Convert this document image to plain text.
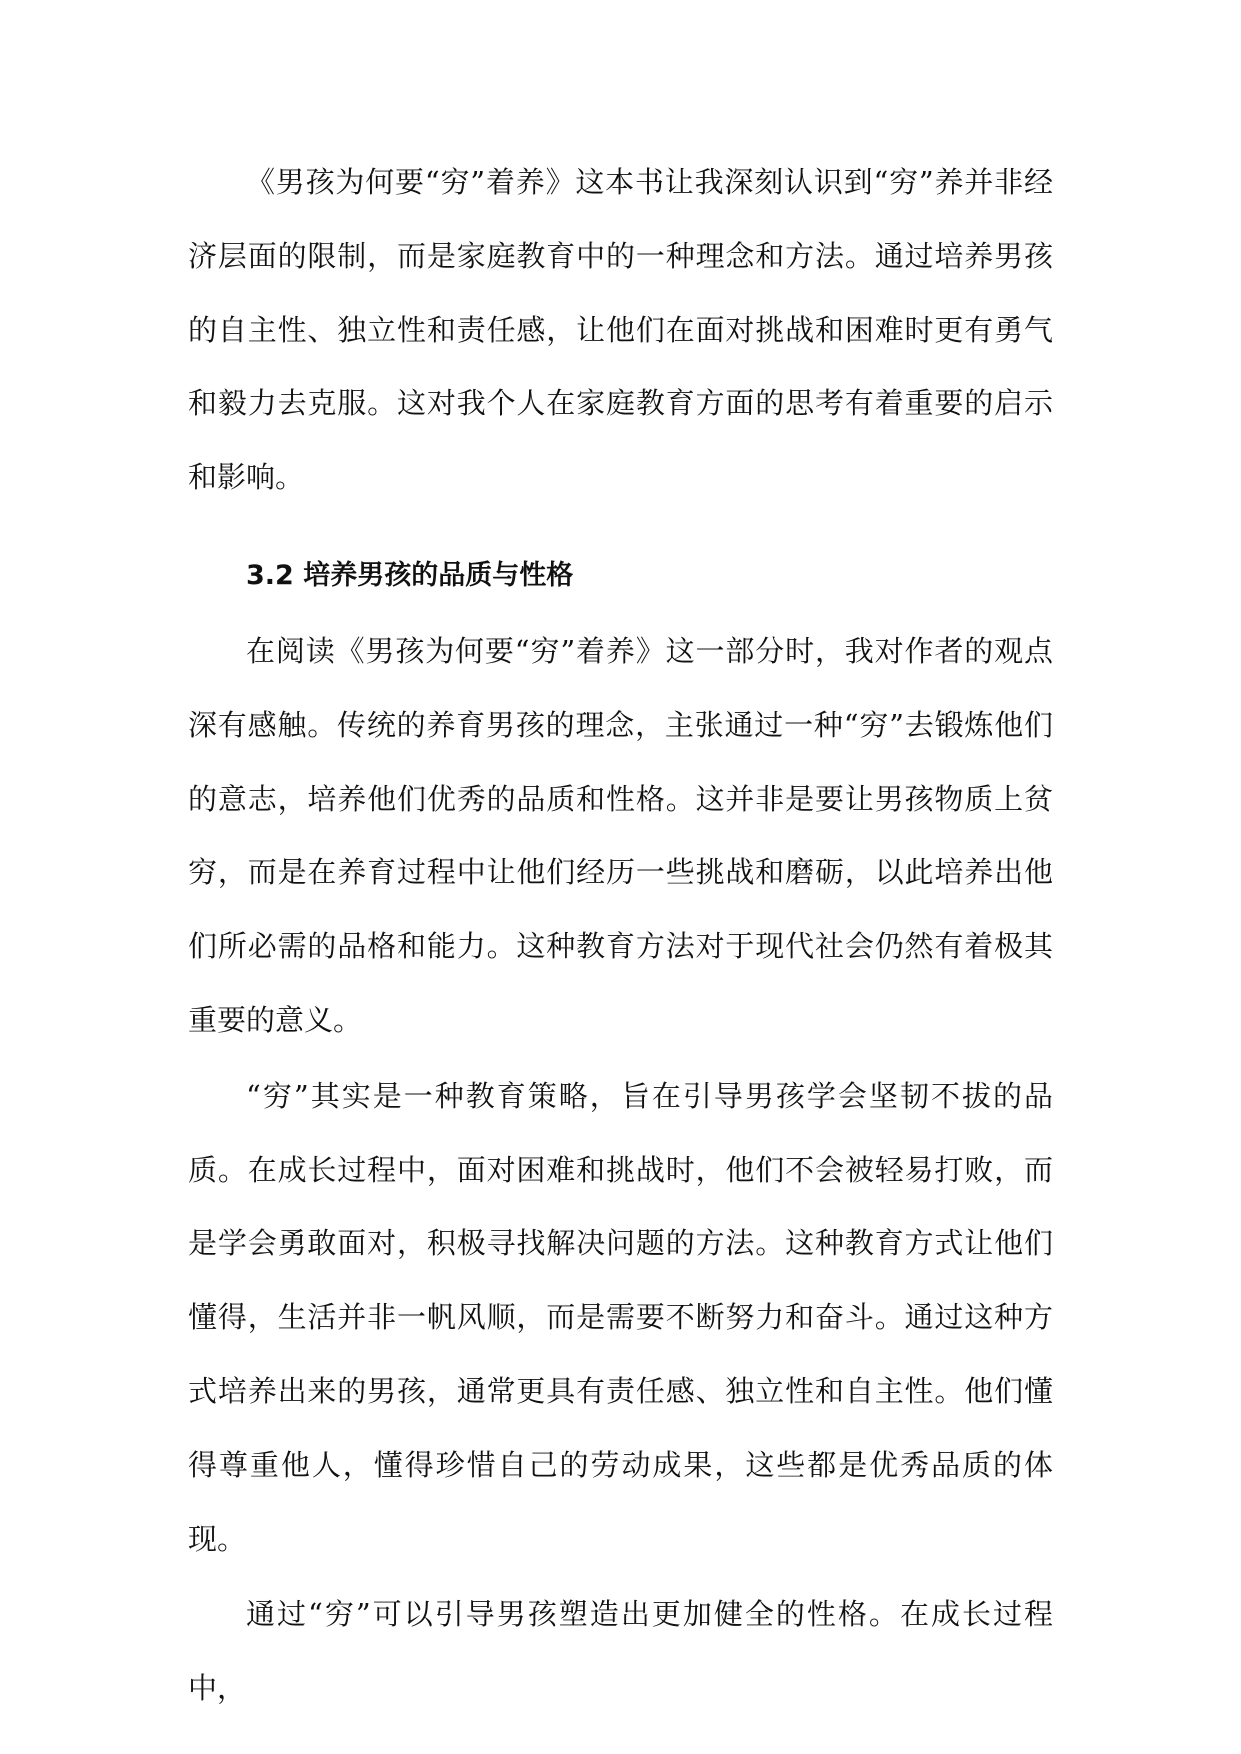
《男孩为何要“穷”着养》这本书让我深刻认识到“穷”养并非经济层面的限制，而是家庭教育中的一种理念和方法。通过培养男孩的自主性、独立性和责任感，让他们在面对挑战和困难时更有勇气和毅力去克服。这对我个人在家庭教育方面的思考有着重要的启示和影响。

3.2 培养男孩的品质与性格

在阅读《男孩为何要“穷”着养》这一部分时，我对作者的观点深有感触。传统的养育男孩的理念，主张通过一种“穷”去锻炼他们的意志，培养他们优秀的品质和性格。这并非是要让男孩物质上贫穷，而是在养育过程中让他们经历一些挑战和磨砺，以此培养出他们所必需的品格和能力。这种教育方法对于现代社会仍然有着极其重要的意义。

“穷”其实是一种教育策略，旨在引导男孩学会坚韧不拔的品质。在成长过程中，面对困难和挑战时，他们不会被轻易打败，而是学会勇敢面对，积极寻找解决问题的方法。这种教育方式让他们懂得，生活并非一帆风顺，而是需要不断努力和奋斗。通过这种方式培养出来的男孩，通常更具有责任感、独立性和自主性。他们懂得尊重他人，懂得珍惜自己的劳动成果，这些都是优秀品质的体现。

通过“穷”可以引导男孩塑造出更加健全的性格。在成长过程中，
